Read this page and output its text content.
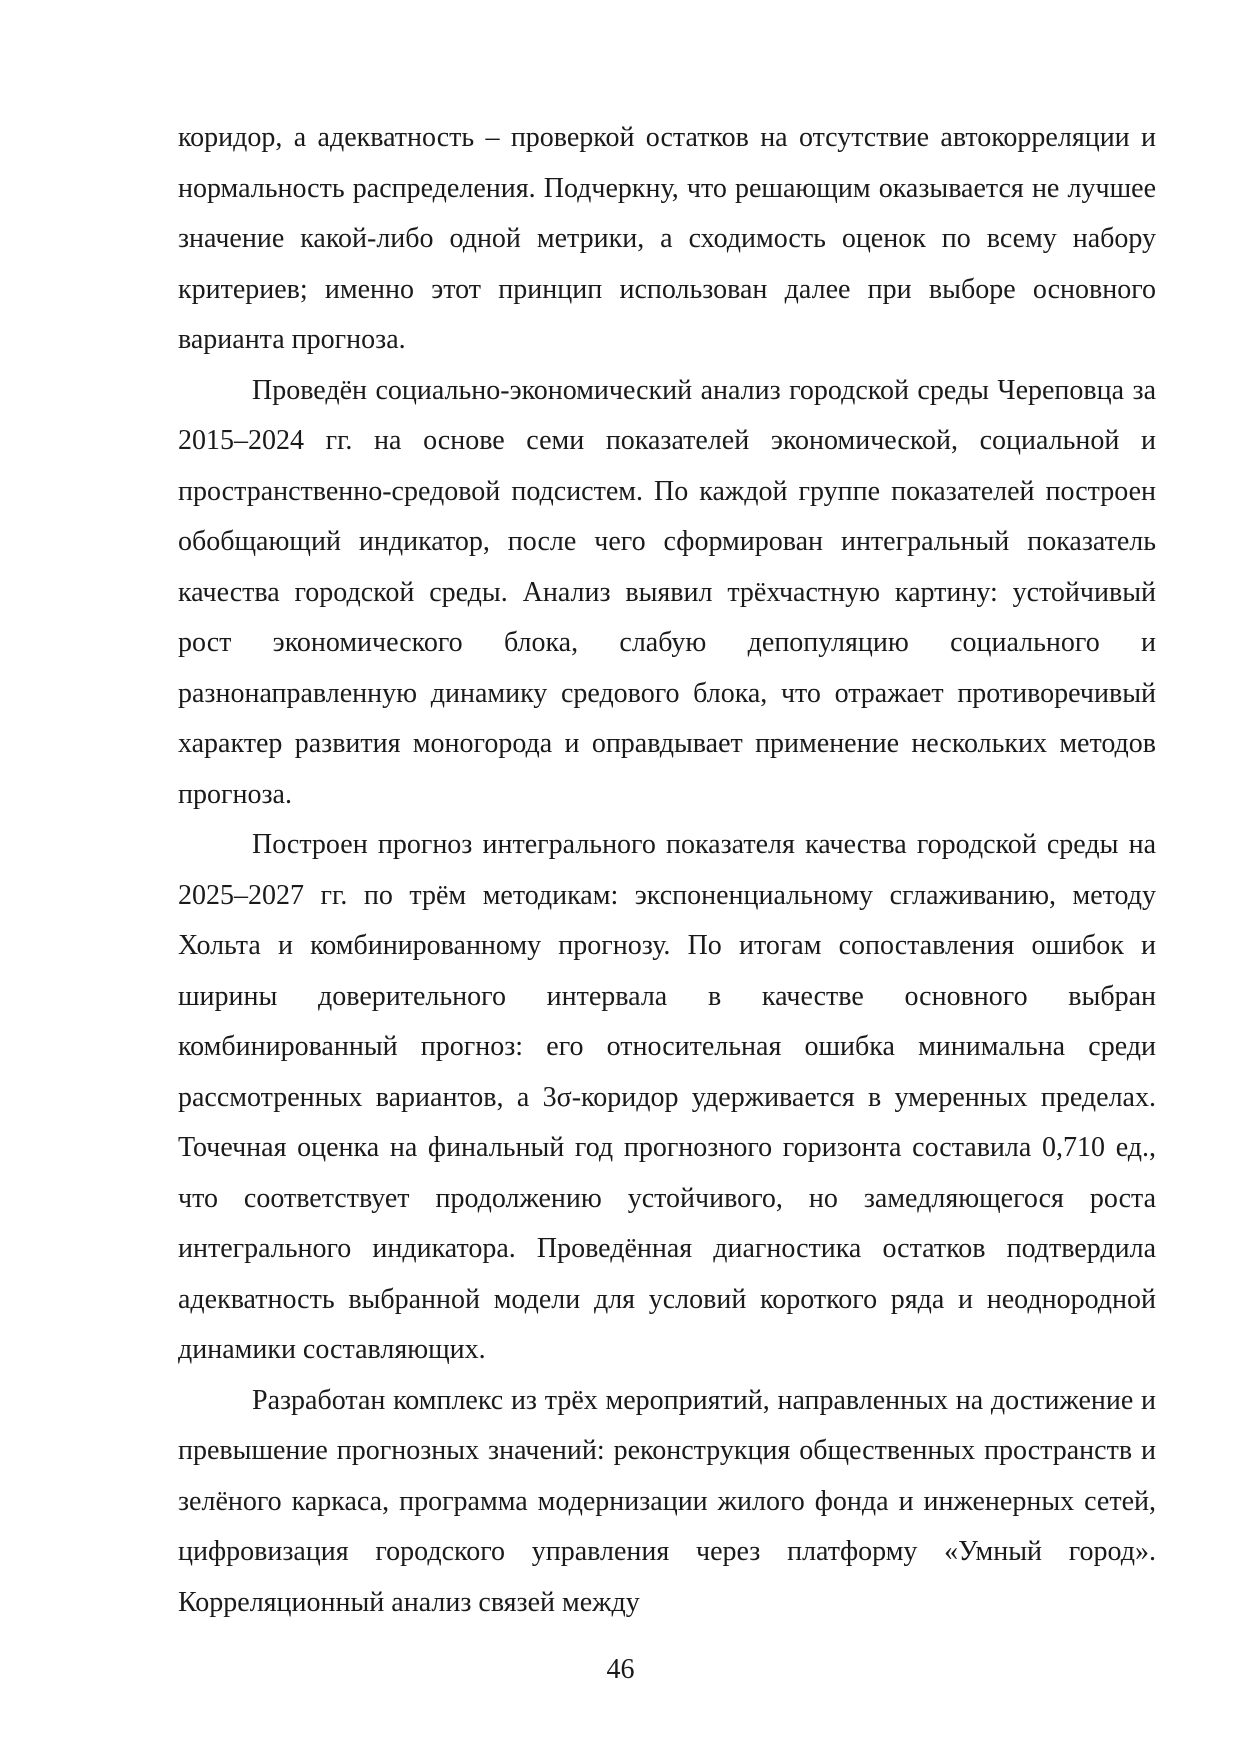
коридор, а адекватность – проверкой остатков на отсутствие автокорреляции и нормальность распределения. Подчеркну, что решающим оказывается не лучшее значение какой-либо одной метрики, а сходимость оценок по всему набору критериев; именно этот принцип использован далее при выборе основного варианта прогноза.

Проведён социально-экономический анализ городской среды Череповца за 2015–2024 гг. на основе семи показателей экономической, социальной и пространственно-средовой подсистем. По каждой группе показателей построен обобщающий индикатор, после чего сформирован интегральный показатель качества городской среды. Анализ выявил трёхчастную картину: устойчивый рост экономического блока, слабую депопуляцию социального и разнонаправленную динамику средового блока, что отражает противоречивый характер развития моногорода и оправдывает применение нескольких методов прогноза.

Построен прогноз интегрального показателя качества городской среды на 2025–2027 гг. по трём методикам: экспоненциальному сглаживанию, методу Хольта и комбинированному прогнозу. По итогам сопоставления ошибок и ширины доверительного интервала в качестве основного выбран комбинированный прогноз: его относительная ошибка минимальна среди рассмотренных вариантов, а 3σ-коридор удерживается в умеренных пределах. Точечная оценка на финальный год прогнозного горизонта составила 0,710 ед., что соответствует продолжению устойчивого, но замедляющегося роста интегрального индикатора. Проведённая диагностика остатков подтвердила адекватность выбранной модели для условий короткого ряда и неоднородной динамики составляющих.

Разработан комплекс из трёх мероприятий, направленных на достижение и превышение прогнозных значений: реконструкция общественных пространств и зелёного каркаса, программа модернизации жилого фонда и инженерных сетей, цифровизация городского управления через платформу «Умный город». Корреляционный анализ связей между

46
